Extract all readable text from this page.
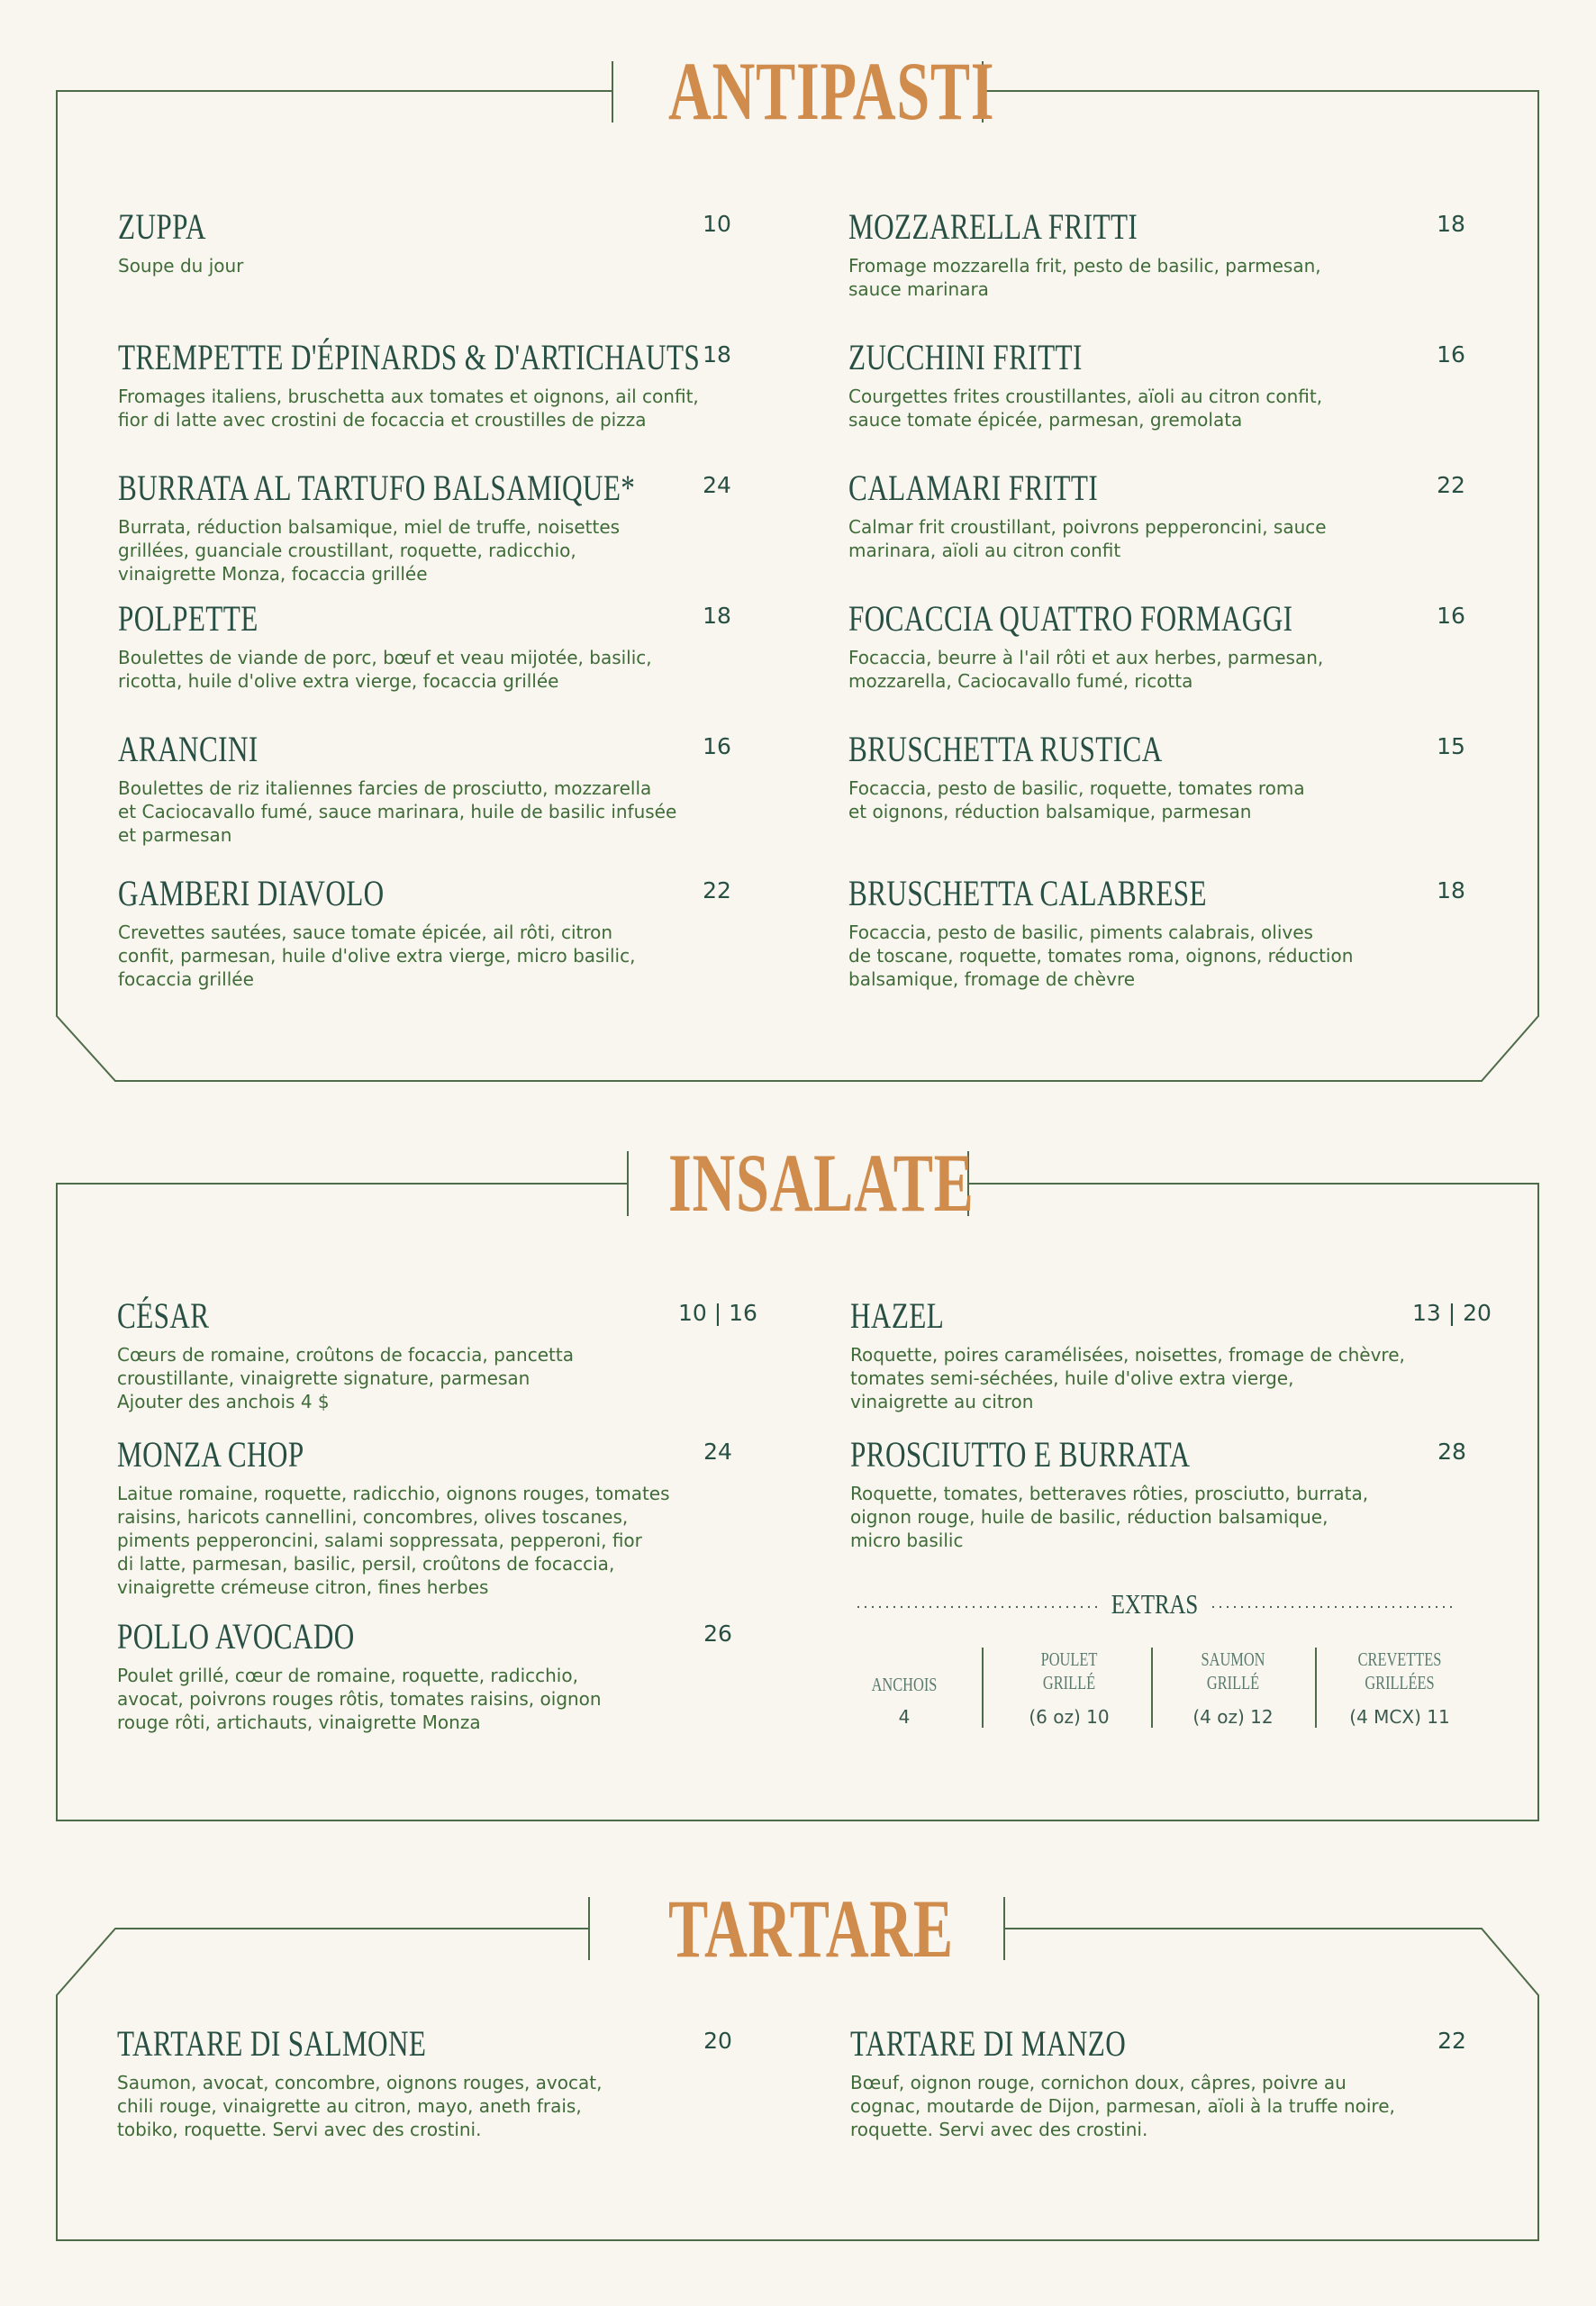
ANTIPASTI
INSALATE
TARTARE
ZUPPA	10
Soupe du jour
MOZZARELLA FRITTI	18
Fromage mozzarella frit, pesto de basilic, parmesan,
sauce marinara
TREMPETTE D'ÉPINARDS & D'ARTICHAUTS 18
Fromages italiens, bruschetta aux tomates et oignons, ail confit,
fior di latte avec crostini de focaccia et croustilles de pizza
ZUCCHINI FRITTI	16
Courgettes frites croustillantes, aïoli au citron confit,
sauce tomate épicée, parmesan, gremolata
BURRATA AL TARTUFO BALSAMIQUE*	24
Burrata, réduction balsamique, miel de truffe, noisettes
grillées, guanciale croustillant, roquette, radicchio,
vinaigrette Monza, focaccia grillée
CALAMARI FRITTI	22
Calmar frit croustillant, poivrons pepperoncini, sauce
marinara, aïoli au citron confit
POLPETTE	18
Boulettes de viande de porc, bœuf et veau mijotée, basilic,
ricotta, huile d'olive extra vierge, focaccia grillée
FOCACCIA QUATTRO FORMAGGI	16
Focaccia, beurre à l'ail rôti et aux herbes, parmesan,
mozzarella, Caciocavallo fumé, ricotta
ARANCINI	16
Boulettes de riz italiennes farcies de prosciutto, mozzarella
et Caciocavallo fumé, sauce marinara, huile de basilic infusée
et parmesan
BRUSCHETTA RUSTICA	15
Focaccia, pesto de basilic, roquette, tomates roma
et oignons, réduction balsamique, parmesan
GAMBERI DIAVOLO	22
Crevettes sautées, sauce tomate épicée, ail rôti, citron
confit, parmesan, huile d'olive extra vierge, micro basilic,
focaccia grillée
BRUSCHETTA CALABRESE	18
Focaccia, pesto de basilic, piments calabrais, olives
de toscane, roquette, tomates roma, oignons, réduction
balsamique, fromage de chèvre
CÉSAR	10 | 16
Cœurs de romaine, croûtons de focaccia, pancetta
croustillante, vinaigrette signature, parmesan
Ajouter des anchois 4 $
HAZEL	13 | 20
Roquette, poires caramélisées, noisettes, fromage de chèvre,
tomates semi-séchées, huile d'olive extra vierge,
vinaigrette au citron
MONZA CHOP	24
Laitue romaine, roquette, radicchio, oignons rouges, tomates
raisins, haricots cannellini, concombres, olives toscanes,
piments pepperoncini, salami soppressata, pepperoni, fior
di latte, parmesan, basilic, persil, croûtons de focaccia,
vinaigrette crémeuse citron, fines herbes
PROSCIUTTO E BURRATA	28
Roquette, tomates, betteraves rôties, prosciutto, burrata,
oignon rouge, huile de basilic, réduction balsamique,
micro basilic
POLLO AVOCADO	26
Poulet grillé, cœur de romaine, roquette, radicchio,
avocat, poivrons rouges rôtis, tomates raisins, oignon
rouge rôti, artichauts, vinaigrette Monza
EXTRAS
ANCHOIS
4
POULET
GRILLÉ
(6 oz) 10
SAUMON
GRILLÉ
(4 oz) 12
CREVETTES
GRILLÉES
(4 MCX) 11
TARTARE DI SALMONE	20
Saumon, avocat, concombre, oignons rouges, avocat,
chili rouge, vinaigrette au citron, mayo, aneth frais,
tobiko, roquette. Servi avec des crostini.
TARTARE DI MANZO	22
Bœuf, oignon rouge, cornichon doux, câpres, poivre au
cognac, moutarde de Dijon, parmesan, aïoli à la truffe noire,
roquette. Servi avec des crostini.
